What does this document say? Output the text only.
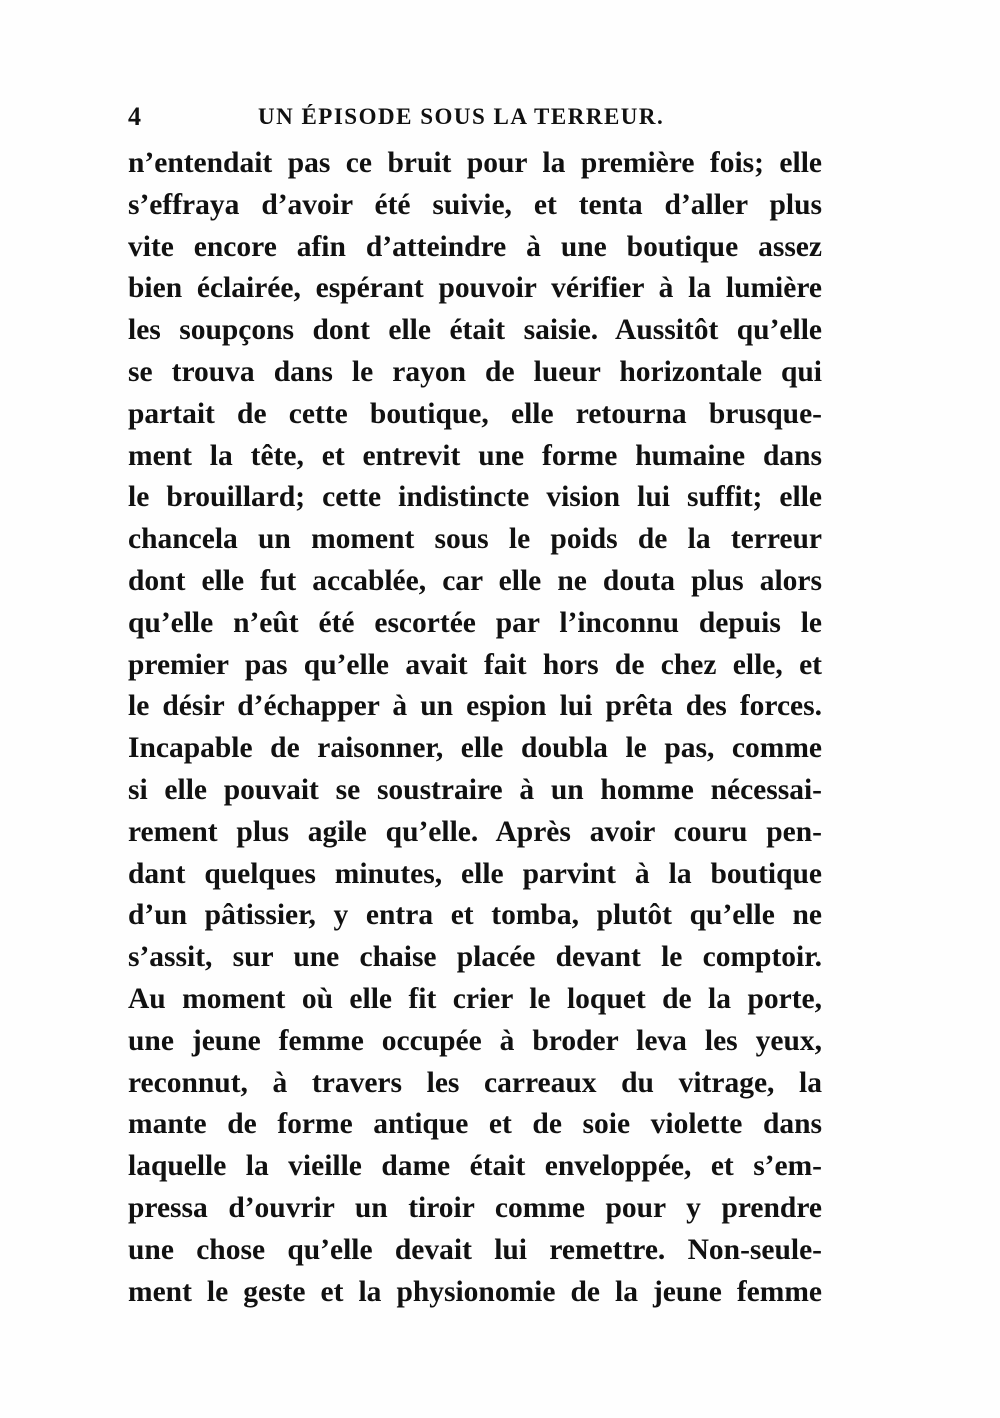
4	UN ÉPISODE SOUS LA TERREUR.
n’entendait pas ce bruit pour la première fois; elle
s’effraya d’avoir été suivie, et tenta d’aller plus
vite encore afin d’atteindre à une boutique assez
bien éclairée, espérant pouvoir vérifier à la lumière
les soupçons dont elle était saisie. Aussitôt qu’elle
se trouva dans le rayon de lueur horizontale qui
partait de cette boutique, elle retourna brusque-
ment la tête, et entrevit une forme humaine dans
le brouillard; cette indistincte vision lui suffit; elle
chancela un moment sous le poids de la terreur
dont elle fut accablée, car elle ne douta plus alors
qu’elle n’eût été escortée par l’inconnu depuis le
premier pas qu’elle avait fait hors de chez elle, et
le désir d’échapper à un espion lui prêta des forces.
Incapable de raisonner, elle doubla le pas, comme
si elle pouvait se soustraire à un homme nécessai-
rement plus agile qu’elle. Après avoir couru pen-
dant quelques minutes, elle parvint à la boutique
d’un pâtissier, y entra et tomba, plutôt qu’elle ne
s’assit, sur une chaise placée devant le comptoir.
Au moment où elle fit crier le loquet de la porte,
une jeune femme occupée à broder leva les yeux,
reconnut, à travers les carreaux du vitrage, la
mante de forme antique et de soie violette dans
laquelle la vieille dame était enveloppée, et s’em-
pressa d’ouvrir un tiroir comme pour y prendre
une chose qu’elle devait lui remettre. Non-seule-
ment le geste et la physionomie de la jeune femme
